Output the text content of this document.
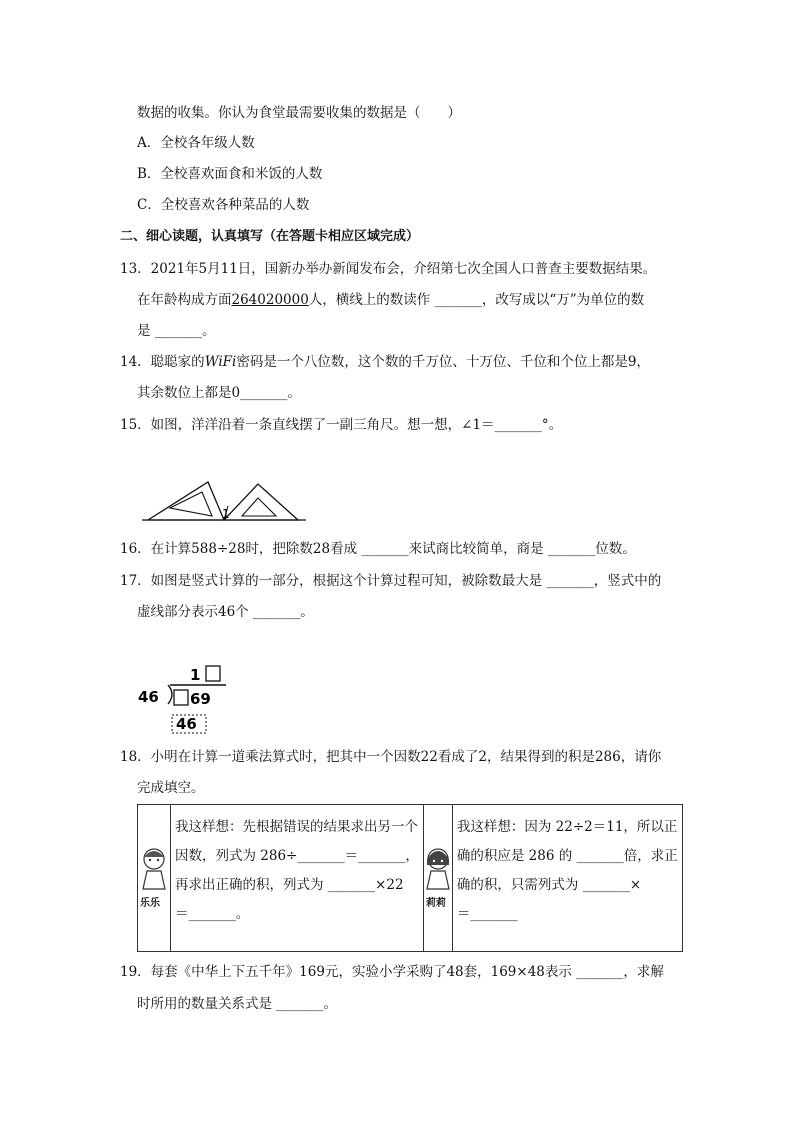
数据的收集。你认为食堂最需要收集的数据是（　　）
A．全校各年级人数
B．全校喜欢面食和米饭的人数
C．全校喜欢各种菜品的人数
二、细心读题，认真填写（在答题卡相应区域完成）
13．2021年5月11日，国新办举办新闻发布会，介绍第七次全国人口普查主要数据结果。
在年龄构成方面264020000人，横线上的数读作 _______，改写成以“万”为单位的数
是 _______。
14．聪聪家的WiFi密码是一个八位数，这个数的千万位、十万位、千位和个位上都是9，
其余数位上都是0_______。
15．如图，洋洋沿着一条直线摆了一副三角尺。想一想，∠1＝_______°。
1
16．在计算588÷28时，把除数28看成 _______来试商比较简单，商是 _______位数。
17．如图是竖式计算的一部分，根据这个计算过程可知，被除数最大是 _______，竖式中的
虚线部分表示46个 _______。
1
46 69
46
18．小明在计算一道乘法算式时，把其中一个因数22看成了2，结果得到的积是286，请你
完成填空。
乐乐

我这样想：先根据错误的结果求出另一个
因数，列式为 286÷_______＝_______，
再求出正确的积，列式为 _______×22
＝_______。

莉莉

我这样想：因为 22÷2＝11，所以正
确的积应是 286 的 _______倍，求正
确的积，只需列式为 _______×
＝_______
19．每套《中华上下五千年》169元，实验小学采购了48套，169×48表示 _______，求解
时所用的数量关系式是 _______。
